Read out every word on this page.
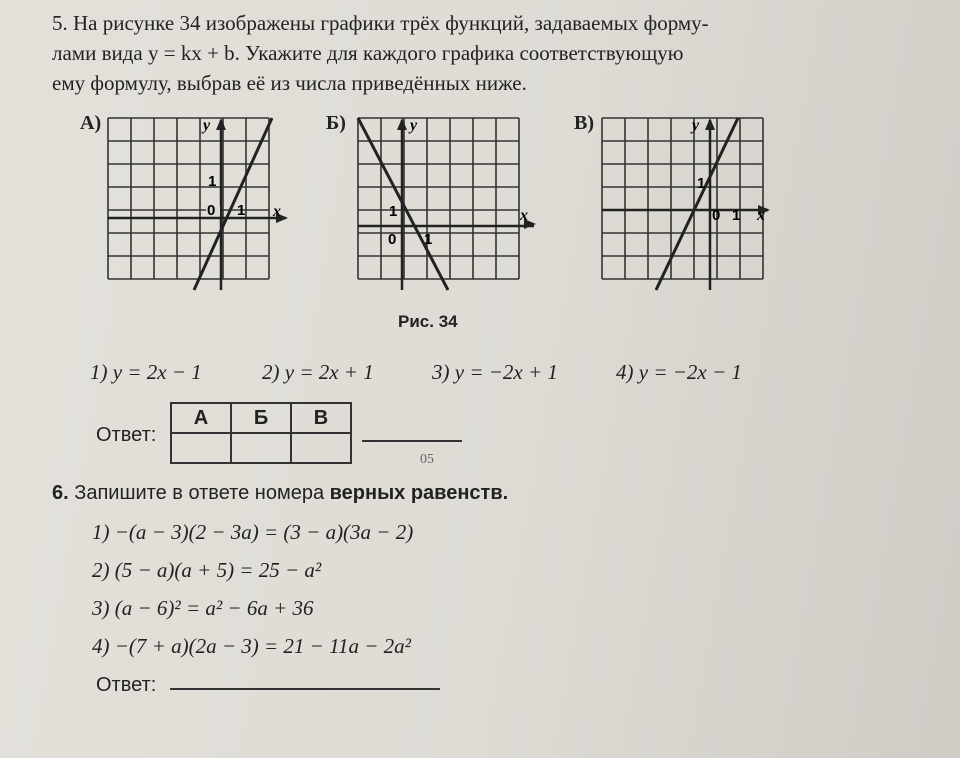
5. На рисунке 34 изображены графики трёх функций, задаваемых форму-
лами вида y = kx + b. Укажите для каждого графика соответствующую
ему формулу, выбрав её из числа приведённых ниже.
А)
0 1
1
x
y	Б)
0 1
1	x
y	В)
0 1
1
x
y
Рис. 34
1) y = 2x − 1	2) y = 2x + 1	3) y = −2x + 1	4) y = −2x − 1
Ответ:
А	Б	В

05
6. Запишите в ответе номера верных равенств.
1) −(a − 3)(2 − 3a) = (3 − a)(3a − 2)
2) (5 − a)(a + 5) = 25 − a²
3) (a − 6)² = a² − 6a + 36
4) −(7 + a)(2a − 3) = 21 − 11a − 2a²
Ответ:
